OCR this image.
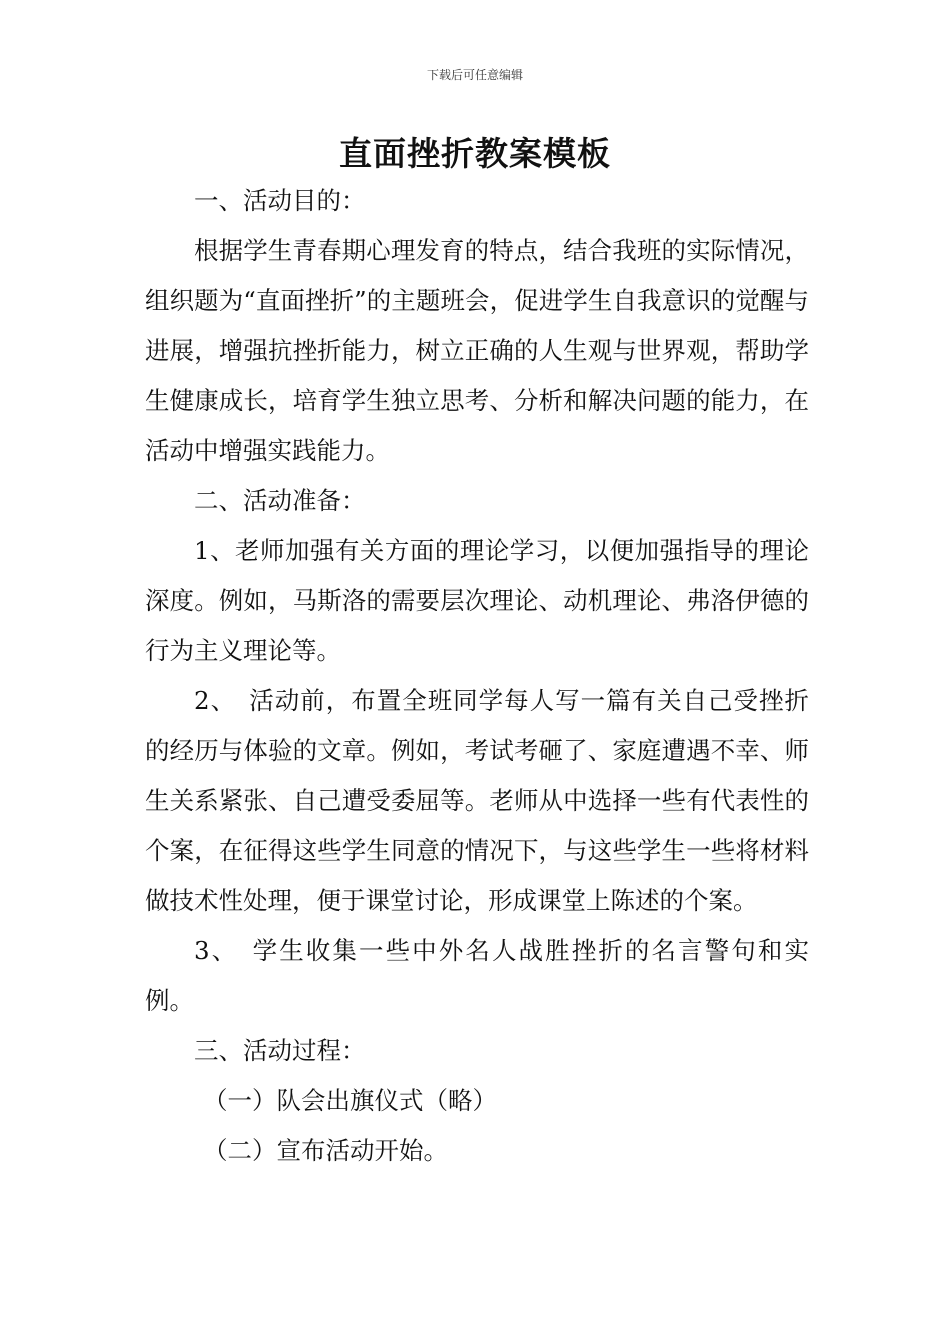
下载后可任意编辑
直面挫折教案模板

一、活动目的：

根据学生青春期心理发育的特点，结合我班的实际情况，组织题为“直面挫折”的主题班会，促进学生自我意识的觉醒与进展，增强抗挫折能力，树立正确的人生观与世界观，帮助学生健康成长，培育学生独立思考、分析和解决问题的能力，在活动中增强实践能力。

二、活动准备：

1、老师加强有关方面的理论学习，以便加强指导的理论深度。例如，马斯洛的需要层次理论、动机理论、弗洛伊德的行为主义理论等。

2、　活动前，布置全班同学每人写一篇有关自己受挫折的经历与体验的文章。例如，考试考砸了、家庭遭遇不幸、师生关系紧张、自己遭受委屈等。老师从中选择一些有代表性的个案，在征得这些学生同意的情况下，与这些学生一些将材料做技术性处理，便于课堂讨论，形成课堂上陈述的个案。

3、　学生收集一些中外名人战胜挫折的名言警句和实例。

三、活动过程：

（一）队会出旗仪式（略）

（二）宣布活动开始。
